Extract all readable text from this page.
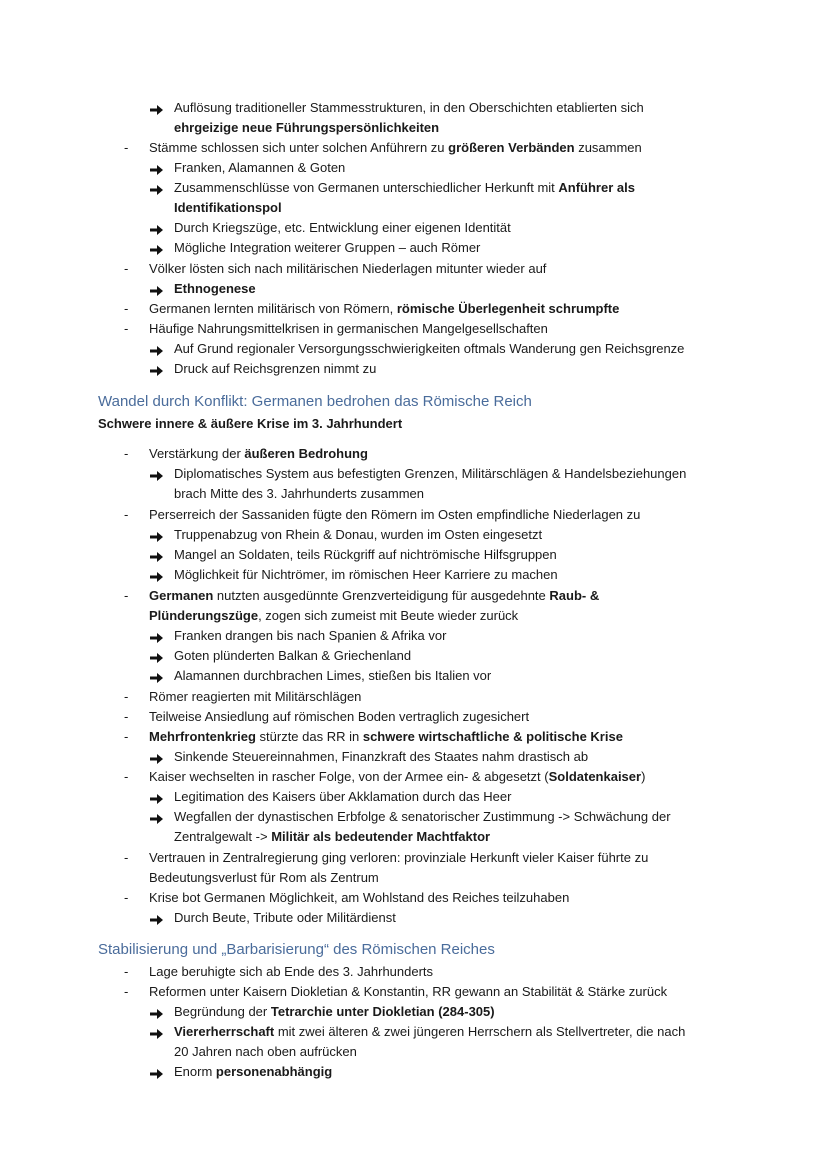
Auflösung traditioneller Stammesstrukturen, in den Oberschichten etablierten sich
ehrgeizige neue Führungspersönlichkeiten
- Stämme schlossen sich unter solchen Anführern zu größeren Verbänden zusammen
Franken, Alamannen & Goten
Zusammenschlüsse von Germanen unterschiedlicher Herkunft mit Anführer als
Identifikationspol
Durch Kriegszüge, etc. Entwicklung einer eigenen Identität
Mögliche Integration weiterer Gruppen – auch Römer
- Völker lösten sich nach militärischen Niederlagen mitunter wieder auf
Ethnogenese
- Germanen lernten militärisch von Römern, römische Überlegenheit schrumpfte
- Häufige Nahrungsmittelkrisen in germanischen Mangelgesellschaften
Auf Grund regionaler Versorgungsschwierigkeiten oftmals Wanderung gen Reichsgrenze
Druck auf Reichsgrenzen nimmt zu
Wandel durch Konflikt: Germanen bedrohen das Römische Reich
Schwere innere & äußere Krise im 3. Jahrhundert
- Verstärkung der äußeren Bedrohung
Diplomatisches System aus befestigten Grenzen, Militärschlägen & Handelsbeziehungen
brach Mitte des 3. Jahrhunderts zusammen
- Perserreich der Sassaniden fügte den Römern im Osten empfindliche Niederlagen zu
Truppenabzug von Rhein & Donau, wurden im Osten eingesetzt
Mangel an Soldaten, teils Rückgriff auf nichtrömische Hilfsgruppen
Möglichkeit für Nichtrömer, im römischen Heer Karriere zu machen
- Germanen nutzten ausgedünnte Grenzverteidigung für ausgedehnte Raub- &
Plünderungszüge, zogen sich zumeist mit Beute wieder zurück
Franken drangen bis nach Spanien & Afrika vor
Goten plünderten Balkan & Griechenland
Alamannen durchbrachen Limes, stießen bis Italien vor
- Römer reagierten mit Militärschlägen
- Teilweise Ansiedlung auf römischen Boden vertraglich zugesichert
- Mehrfrontenkrieg stürzte das RR in schwere wirtschaftliche & politische Krise
Sinkende Steuereinnahmen, Finanzkraft des Staates nahm drastisch ab
- Kaiser wechselten in rascher Folge, von der Armee ein- & abgesetzt (Soldatenkaiser)
Legitimation des Kaisers über Akklamation durch das Heer
Wegfallen der dynastischen Erbfolge & senatorischer Zustimmung -> Schwächung der
Zentralgewalt -> Militär als bedeutender Machtfaktor
- Vertrauen in Zentralregierung ging verloren: provinziale Herkunft vieler Kaiser führte zu
Bedeutungsverlust für Rom als Zentrum
- Krise bot Germanen Möglichkeit, am Wohlstand des Reiches teilzuhaben
Durch Beute, Tribute oder Militärdienst
Stabilisierung und „Barbarisierung“ des Römischen Reiches
- Lage beruhigte sich ab Ende des 3. Jahrhunderts
- Reformen unter Kaisern Diokletian & Konstantin, RR gewann an Stabilität & Stärke zurück
Begründung der Tetrarchie unter Diokletian (284-305)
Viererherrschaft mit zwei älteren & zwei jüngeren Herrschern als Stellvertreter, die nach
20 Jahren nach oben aufrücken
Enorm personenabhängig
